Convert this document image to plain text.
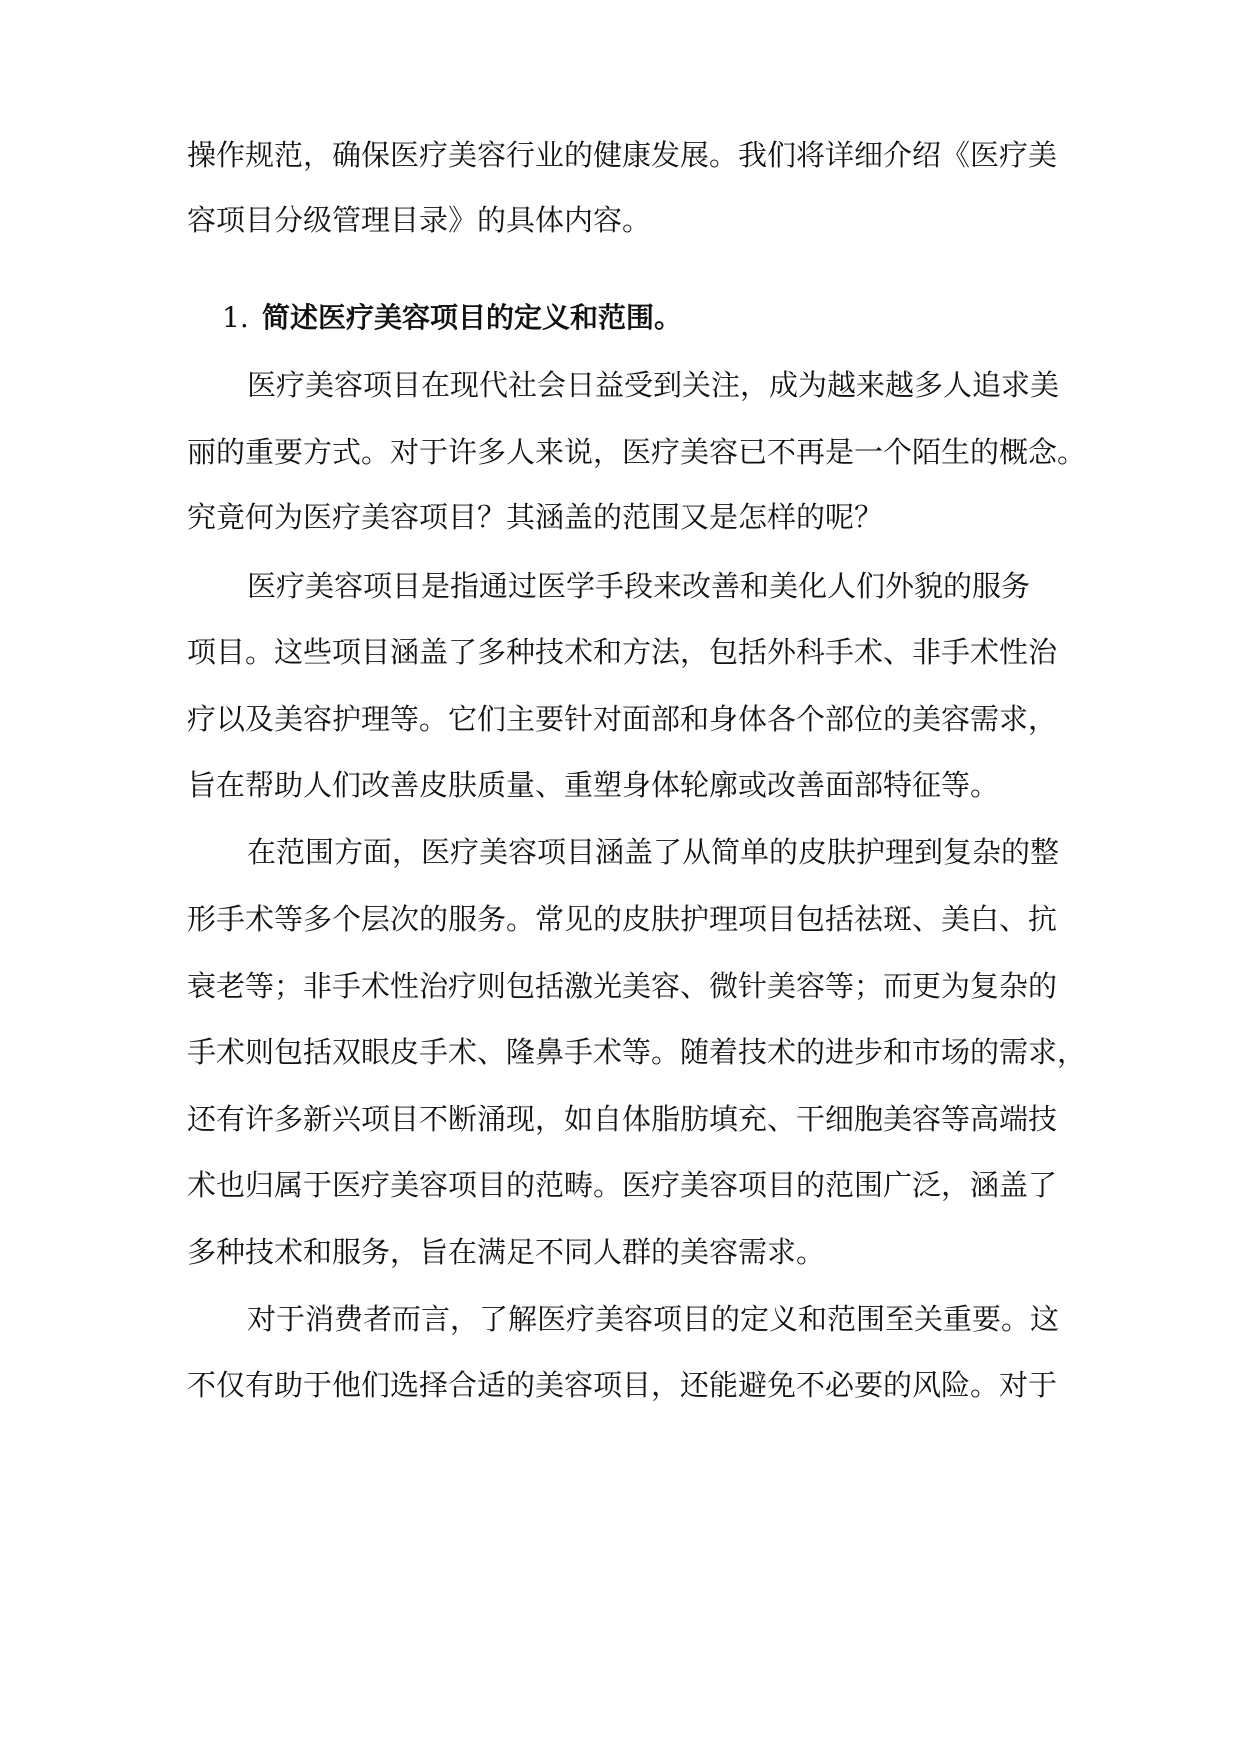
操作规范，确保医疗美容行业的健康发展。我们将详细介绍《医疗美
容项目分级管理目录》的具体内容。
1. 简述医疗美容项目的定义和范围。
医疗美容项目在现代社会日益受到关注，成为越来越多人追求美
丽的重要方式。对于许多人来说，医疗美容已不再是一个陌生的概念。
究竟何为医疗美容项目？其涵盖的范围又是怎样的呢？
医疗美容项目是指通过医学手段来改善和美化人们外貌的服务
项目。这些项目涵盖了多种技术和方法，包括外科手术、非手术性治
疗以及美容护理等。它们主要针对面部和身体各个部位的美容需求，
旨在帮助人们改善皮肤质量、重塑身体轮廓或改善面部特征等。
在范围方面，医疗美容项目涵盖了从简单的皮肤护理到复杂的整
形手术等多个层次的服务。常见的皮肤护理项目包括祛斑、美白、抗
衰老等；非手术性治疗则包括激光美容、微针美容等；而更为复杂的
手术则包括双眼皮手术、隆鼻手术等。随着技术的进步和市场的需求，
还有许多新兴项目不断涌现，如自体脂肪填充、干细胞美容等高端技
术也归属于医疗美容项目的范畴。医疗美容项目的范围广泛，涵盖了
多种技术和服务，旨在满足不同人群的美容需求。
对于消费者而言，了解医疗美容项目的定义和范围至关重要。这
不仅有助于他们选择合适的美容项目，还能避免不必要的风险。对于
